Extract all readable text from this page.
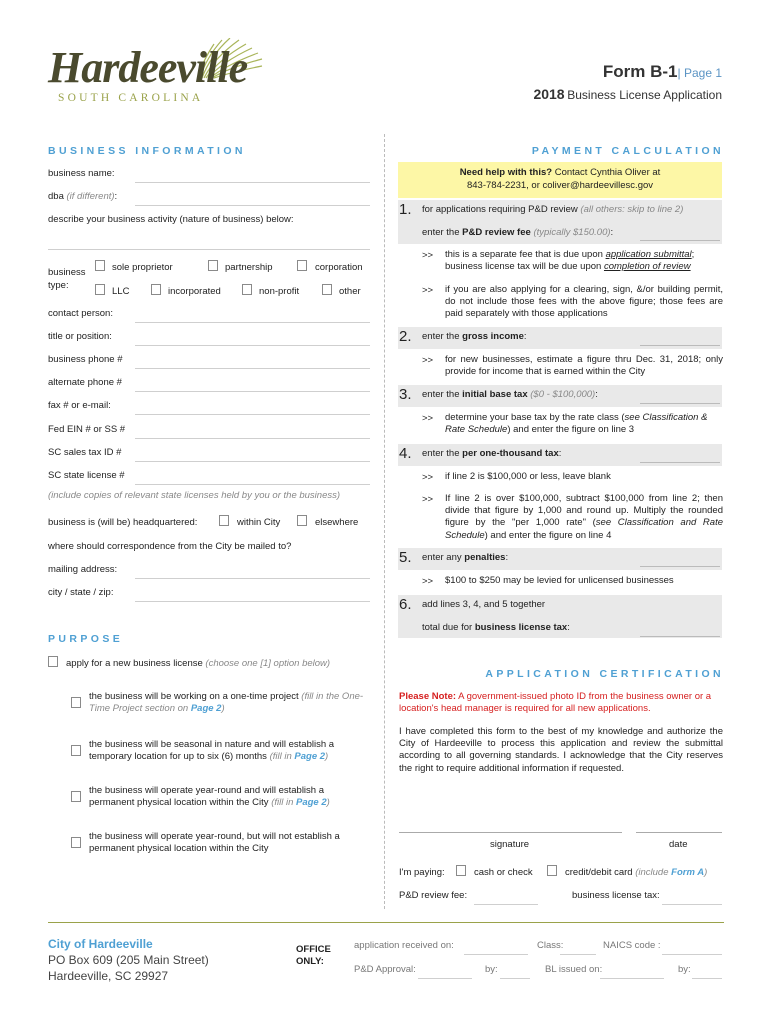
Hardeeville
SOUTH CAROLINA
Form B-1| Page 1
2018 Business License Application
BUSINESS INFORMATION
business name:
dba (if different):
describe your business activity (nature of business) below:
business type:
sole proprietor	partnership	corporation
LLC	incorporated	non-profit	other
contact person:
title or position:
business phone #
alternate phone #
fax # or e-mail:
Fed EIN # or SS #
SC sales tax ID #
SC state license #
(include copies of relevant state licenses held by you or the business)
business is (will be) headquartered:	within City	elsewhere
where should correspondence from the City be mailed to?
mailing address:
city / state / zip:
PURPOSE
apply for a new business license (choose one [1] option below)
the business will be working on a one-time project (fill in the One-Time Project section on Page 2)
the business will be seasonal in nature and will establish a
temporary location for up to six (6) months (fill in Page 2)
the business will operate year-round and will establish a
permanent physical location within the City (fill in Page 2)
the business will operate year-round, but will not establish a
permanent physical location within the City
PAYMENT CALCULATION
Need help with this? Contact Cynthia Oliver at
843-784-2231, or coliver@hardeevillesc.gov
1. for applications requiring P&D review (all others: skip to line 2)
enter the P&D review fee (typically $150.00):
>> this is a separate fee that is due upon application submittal;
business license tax will be due upon completion of review
>> if you are also applying for a clearing, sign, &/or building permit, do not include those fees with the above figure; those fees are paid separately with those applications
2. enter the gross income:
>> for new businesses, estimate a figure thru Dec. 31, 2018; only provide for income that is earned within the City
3. enter the initial base tax ($0 - $100,000):
>> determine your base tax by the rate class (see Classification & Rate Schedule) and enter the figure on line 3
4. enter the per one-thousand tax:
>> if line 2 is $100,000 or less, leave blank
>> If line 2 is over $100,000, subtract $100,000 from line 2; then divide that figure by 1,000 and round up. Multiply the rounded figure by the "per 1,000 rate" (see Classification and Rate Schedule) and enter the figure on line 4
5. enter any penalties:
>> $100 to $250 may be levied for unlicensed businesses
6. add lines 3, 4, and 5 together
total due for business license tax:
APPLICATION CERTIFICATION
Please Note: A government-issued photo ID from the business owner or a location's head manager is required for all new applications.
I have completed this form to the best of my knowledge and authorize the City of Hardeeville to process this application and review the submittal according to all governing standards. I acknowledge that the City reserves the right to require additional information if requested.
signature	date
I'm paying:	cash or check	credit/debit card (include Form A)
P&D review fee:	business license tax:
City of Hardeeville
PO Box 609 (205 Main Street)
Hardeeville, SC 29927
OFFICE
ONLY:
application received on:	Class:	NAICS code :
P&D Approval:	by:	BL issued on:	by:
